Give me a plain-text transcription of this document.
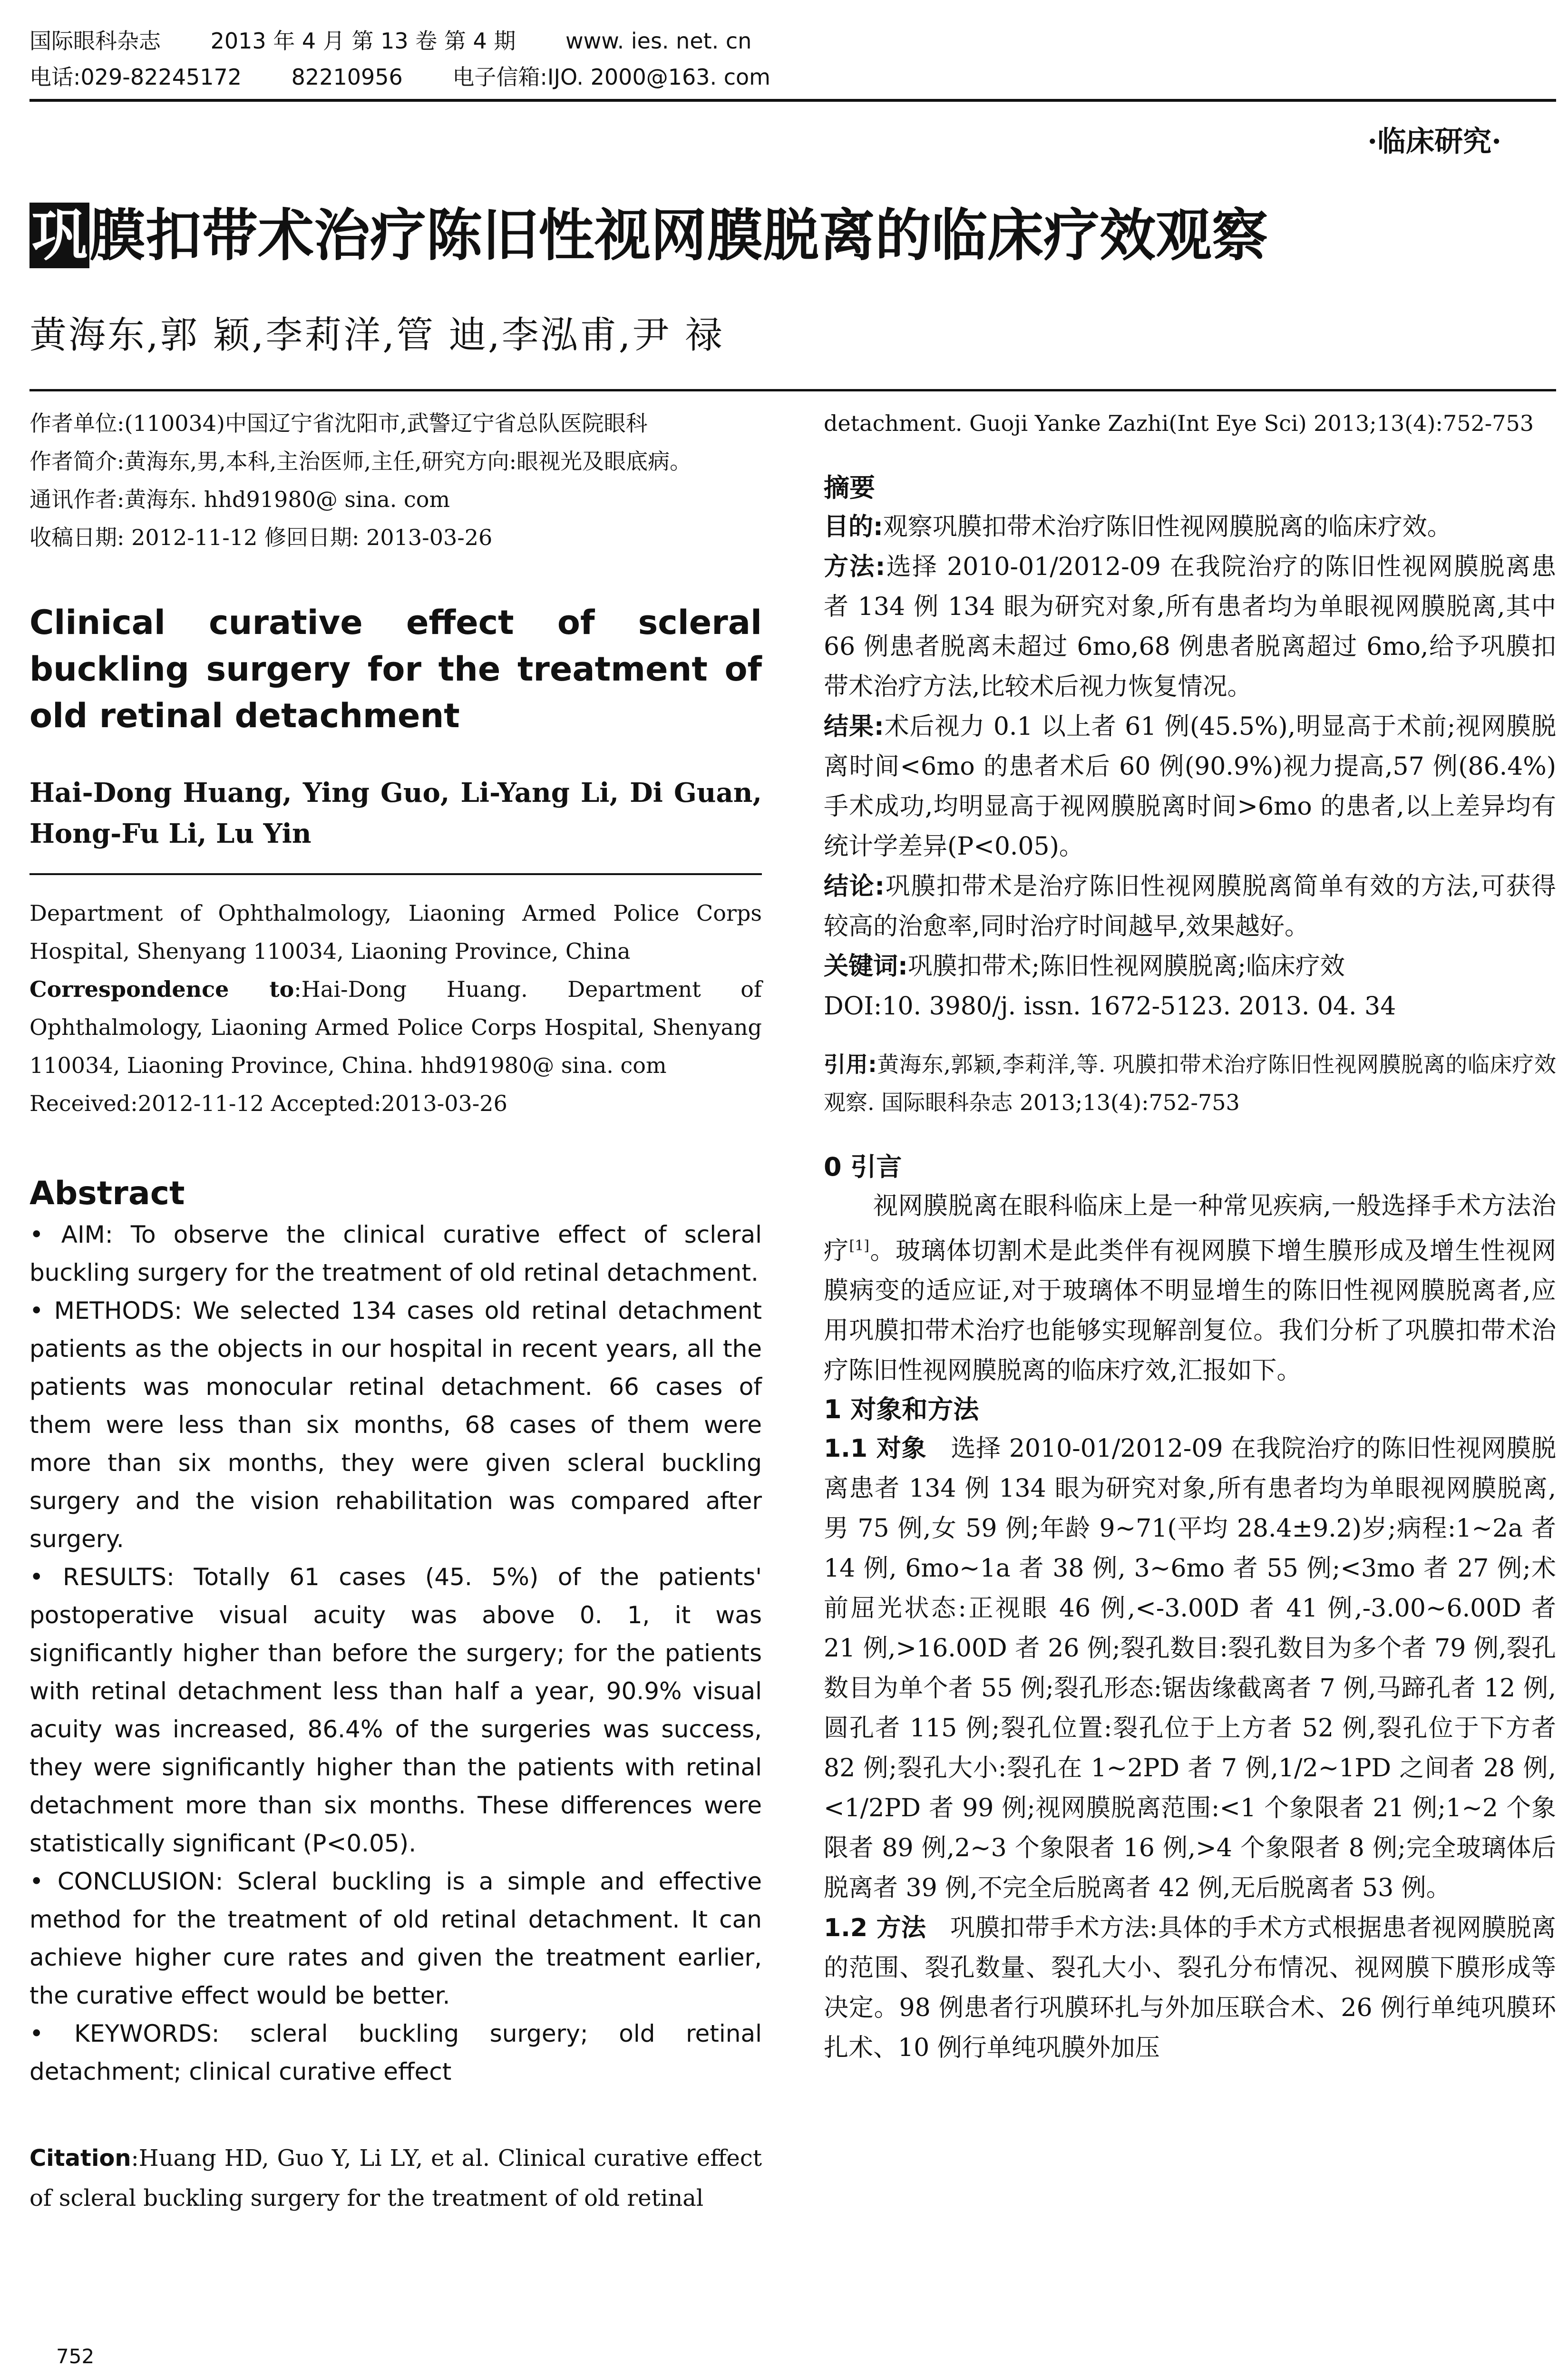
国际眼科杂志 2013 年 4 月 第 13 卷 第 4 期 www. ies. net. cn
电话:029-82245172 82210956 电子信箱:IJO. 2000@163. com
·临床研究·
巩膜扣带术治疗陈旧性视网膜脱离的临床疗效观察
黄海东,郭 颖,李莉洋,管 迪,李泓甫,尹 禄

作者单位:(110034)中国辽宁省沈阳市,武警辽宁省总队医院眼科

作者简介:黄海东,男,本科,主治医师,主任,研究方向:眼视光及眼底病。

通讯作者:黄海东. hhd91980@ sina. com

收稿日期: 2012-11-12 修回日期: 2013-03-26

Clinical curative effect of scleral buckling surgery for the treatment of old retinal detachment

Hai-Dong Huang, Ying Guo, Li-Yang Li, Di Guan, Hong-Fu Li, Lu Yin

Department of Ophthalmology, Liaoning Armed Police Corps Hospital, Shenyang 110034, Liaoning Province, China

Correspondence to:Hai-Dong Huang. Department of Ophthalmology, Liaoning Armed Police Corps Hospital, Shenyang 110034, Liaoning Province, China. hhd91980@ sina. com

Received:2012-11-12 Accepted:2013-03-26

Abstract

• AIM: To observe the clinical curative effect of scleral buckling surgery for the treatment of old retinal detachment.

• METHODS: We selected 134 cases old retinal detachment patients as the objects in our hospital in recent years, all the patients was monocular retinal detachment. 66 cases of them were less than six months, 68 cases of them were more than six months, they were given scleral buckling surgery and the vision rehabilitation was compared after surgery.

• RESULTS: Totally 61 cases (45. 5%) of the patients' postoperative visual acuity was above 0. 1, it was significantly higher than before the surgery; for the patients with retinal detachment less than half a year, 90.9% visual acuity was increased, 86.4% of the surgeries was success, they were significantly higher than the patients with retinal detachment more than six months. These differences were statistically significant (P<0.05).

• CONCLUSION: Scleral buckling is a simple and effective method for the treatment of old retinal detachment. It can achieve higher cure rates and given the treatment earlier, the curative effect would be better.

• KEYWORDS: scleral buckling surgery; old retinal detachment; clinical curative effect

Citation:Huang HD, Guo Y, Li LY, et al. Clinical curative effect of scleral buckling surgery for the treatment of old retinal

detachment. Guoji Yanke Zazhi(Int Eye Sci) 2013;13(4):752-753

摘要

目的:观察巩膜扣带术治疗陈旧性视网膜脱离的临床疗效。

方法:选择 2010-01/2012-09 在我院治疗的陈旧性视网膜脱离患者 134 例 134 眼为研究对象,所有患者均为单眼视网膜脱离,其中 66 例患者脱离未超过 6mo,68 例患者脱离超过 6mo,给予巩膜扣带术治疗方法,比较术后视力恢复情况。

结果:术后视力 0.1 以上者 61 例(45.5%),明显高于术前;视网膜脱离时间<6mo 的患者术后 60 例(90.9%)视力提高,57 例(86.4%)手术成功,均明显高于视网膜脱离时间>6mo 的患者,以上差异均有统计学差异(P<0.05)。

结论:巩膜扣带术是治疗陈旧性视网膜脱离简单有效的方法,可获得较高的治愈率,同时治疗时间越早,效果越好。

关键词:巩膜扣带术;陈旧性视网膜脱离;临床疗效

DOI:10. 3980/j. issn. 1672-5123. 2013. 04. 34

引用:黄海东,郭颖,李莉洋,等. 巩膜扣带术治疗陈旧性视网膜脱离的临床疗效观察. 国际眼科杂志 2013;13(4):752-753

0 引言

视网膜脱离在眼科临床上是一种常见疾病,一般选择手术方法治疗[1]。玻璃体切割术是此类伴有视网膜下增生膜形成及增生性视网膜病变的适应证,对于玻璃体不明显增生的陈旧性视网膜脱离者,应用巩膜扣带术治疗也能够实现解剖复位。我们分析了巩膜扣带术治疗陈旧性视网膜脱离的临床疗效,汇报如下。

1 对象和方法

1.1 对象 选择 2010-01/2012-09 在我院治疗的陈旧性视网膜脱离患者 134 例 134 眼为研究对象,所有患者均为单眼视网膜脱离,男 75 例,女 59 例;年龄 9~71(平均 28.4±9.2)岁;病程:1~2a 者 14 例, 6mo~1a 者 38 例, 3~6mo 者 55 例;<3mo 者 27 例;术前屈光状态:正视眼 46 例,<-3.00D 者 41 例,-3.00~6.00D 者 21 例,>16.00D 者 26 例;裂孔数目:裂孔数目为多个者 79 例,裂孔数目为单个者 55 例;裂孔形态:锯齿缘截离者 7 例,马蹄孔者 12 例,圆孔者 115 例;裂孔位置:裂孔位于上方者 52 例,裂孔位于下方者 82 例;裂孔大小:裂孔在 1~2PD 者 7 例,1/2~1PD 之间者 28 例,<1/2PD 者 99 例;视网膜脱离范围:<1 个象限者 21 例;1~2 个象限者 89 例,2~3 个象限者 16 例,>4 个象限者 8 例;完全玻璃体后脱离者 39 例,不完全后脱离者 42 例,无后脱离者 53 例。

1.2 方法 巩膜扣带手术方法:具体的手术方式根据患者视网膜脱离的范围、裂孔数量、裂孔大小、裂孔分布情况、视网膜下膜形成等决定。98 例患者行巩膜环扎与外加压联合术、26 例行单纯巩膜环扎术、10 例行单纯巩膜外加压

752
